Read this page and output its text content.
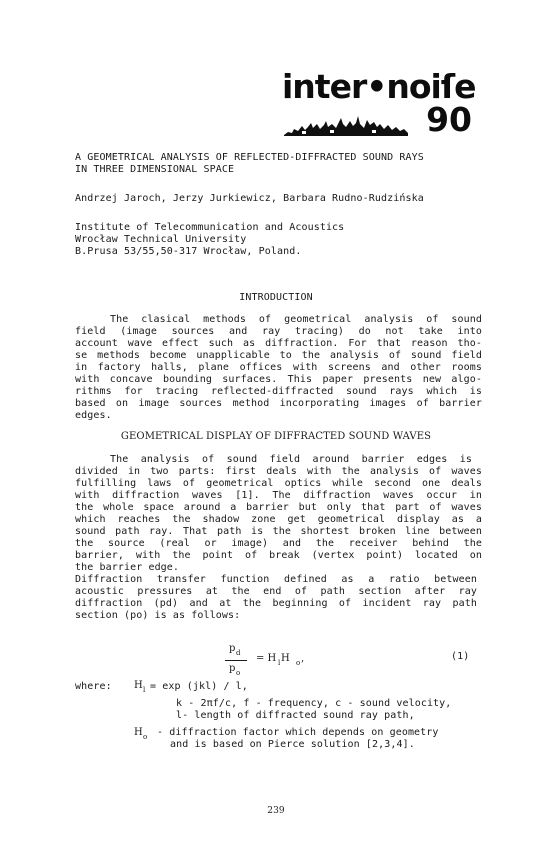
inter•noiſe
90
A GEOMETRICAL ANALYSIS OF REFLECTED-DIFFRACTED SOUND RAYS
IN THREE DIMENSIONAL SPACE
Andrzej Jaroch, Jerzy Jurkiewicz, Barbara Rudno-Rudzińska
Institute of Telecommunication and Acoustics
Wrocław Technical University
B.Prusa 53/55,50-317 Wrocław, Poland.
INTRODUCTION
The clasical methods of geometrical analysis of sound
field (image sources and ray tracing) do not take into
account wave effect such as diffraction. For that reason tho-
se methods become unapplicable to the analysis of sound field
in factory halls, plane offices with screens and other rooms
with concave bounding surfaces. This paper presents new algo-
rithms for tracing reflected-diffracted sound rays which is
based on image sources method incorporating images of barrier
edges.
GEOMETRICAL DISPLAY OF DIFFRACTED SOUND WAVES
The analysis of sound field around barrier edges is
divided in two parts: first deals with the analysis of waves
fulfilling laws of geometrical optics while second one deals
with diffraction waves [1]. The diffraction waves occur in
the whole space around a barrier but only that part of waves
which reaches the shadow zone get geometrical display as a
sound path ray. That path is the shortest broken line between
the source (real or image) and the receiver behind the
barrier, with the point of break (vertex point) located on
the barrier edge.
Diffraction transfer function defined as a ratio between
acoustic pressures at the end of path section after ray
diffraction (pd) and at the beginning of incident ray path
section (po) is as follows:
p d
p o
= H l H o ,	(1)
where: H l = exp (jkl) / l,
k - 2πf/c, f - frequency, c - sound velocity,
l- length of diffracted sound ray path,
H o - diffraction factor which depends on geometry
and is based on Pierce solution [2,3,4].
239
